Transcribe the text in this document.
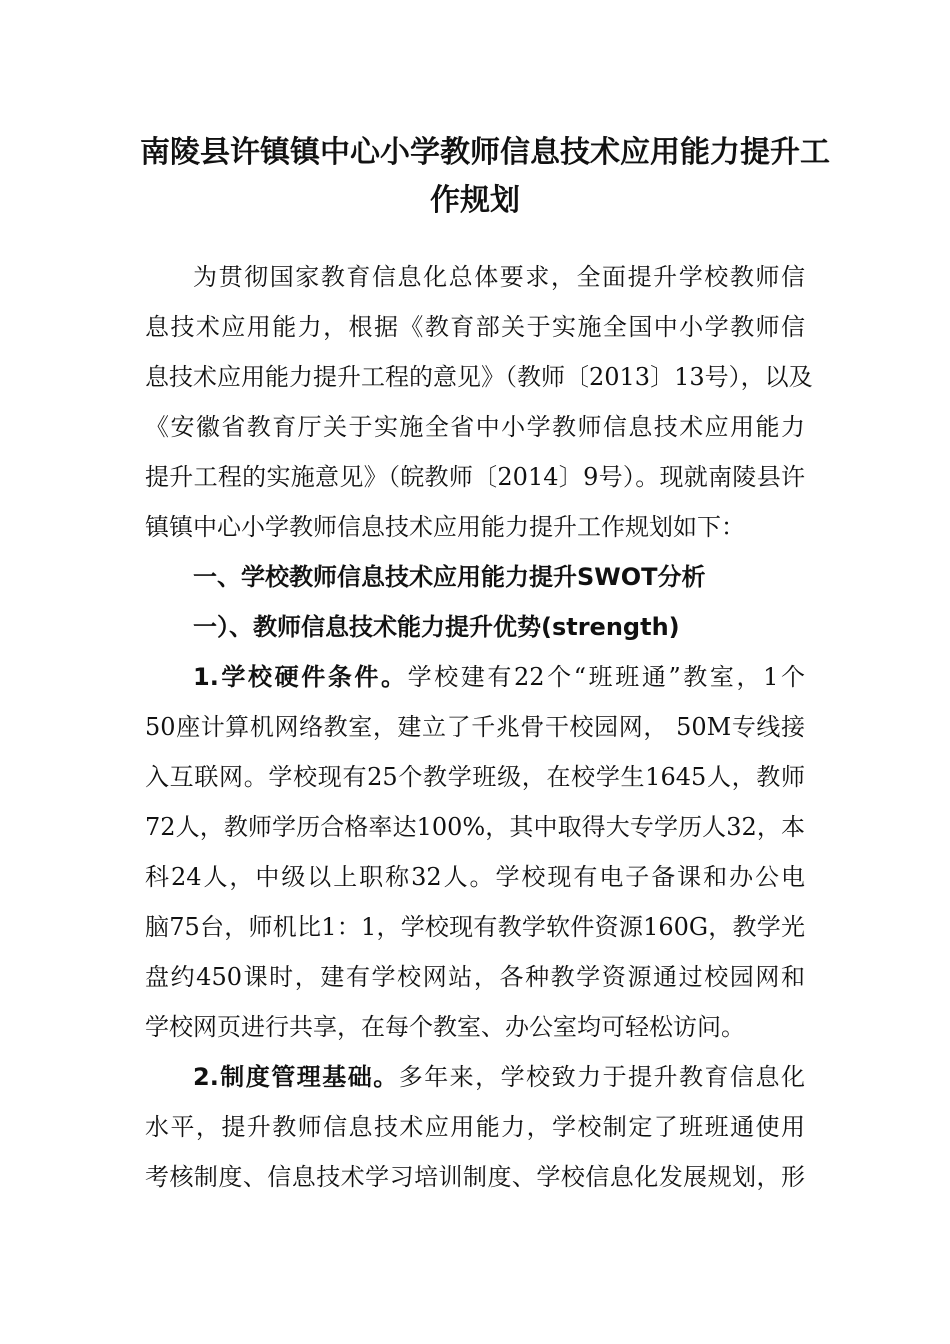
南陵县许镇镇中心小学教师信息技术应用能力提升工
作规划
为贯彻国家教育信息化总体要求，全面提升学校教师信
息技术应用能力，根据《教育部关于实施全国中小学教师信
息技术应用能力提升工程的意见》（教师〔2013〕13号），以及
《安徽省教育厅关于实施全省中小学教师信息技术应用能力
提升工程的实施意见》（皖教师〔2014〕9号）。现就南陵县许
镇镇中心小学教师信息技术应用能力提升工作规划如下：
一、学校教师信息技术应用能力提升SWOT分析
一）、教师信息技术能力提升优势(strength)
1.学校硬件条件。学校建有22个“班班通”教室，1个
50座计算机网络教室，建立了千兆骨干校园网， 50M专线接
入互联网。学校现有25个教学班级，在校学生1645人，教师
72人，教师学历合格率达100%，其中取得大专学历人32，本
科24人，中级以上职称32人。学校现有电子备课和办公电
脑75台，师机比1：1，学校现有教学软件资源160G，教学光
盘约450课时，建有学校网站，各种教学资源通过校园网和
学校网页进行共享，在每个教室、办公室均可轻松访问。
2.制度管理基础。多年来，学校致力于提升教育信息化
水平，提升教师信息技术应用能力，学校制定了班班通使用
考核制度、信息技术学习培训制度、学校信息化发展规划，形
